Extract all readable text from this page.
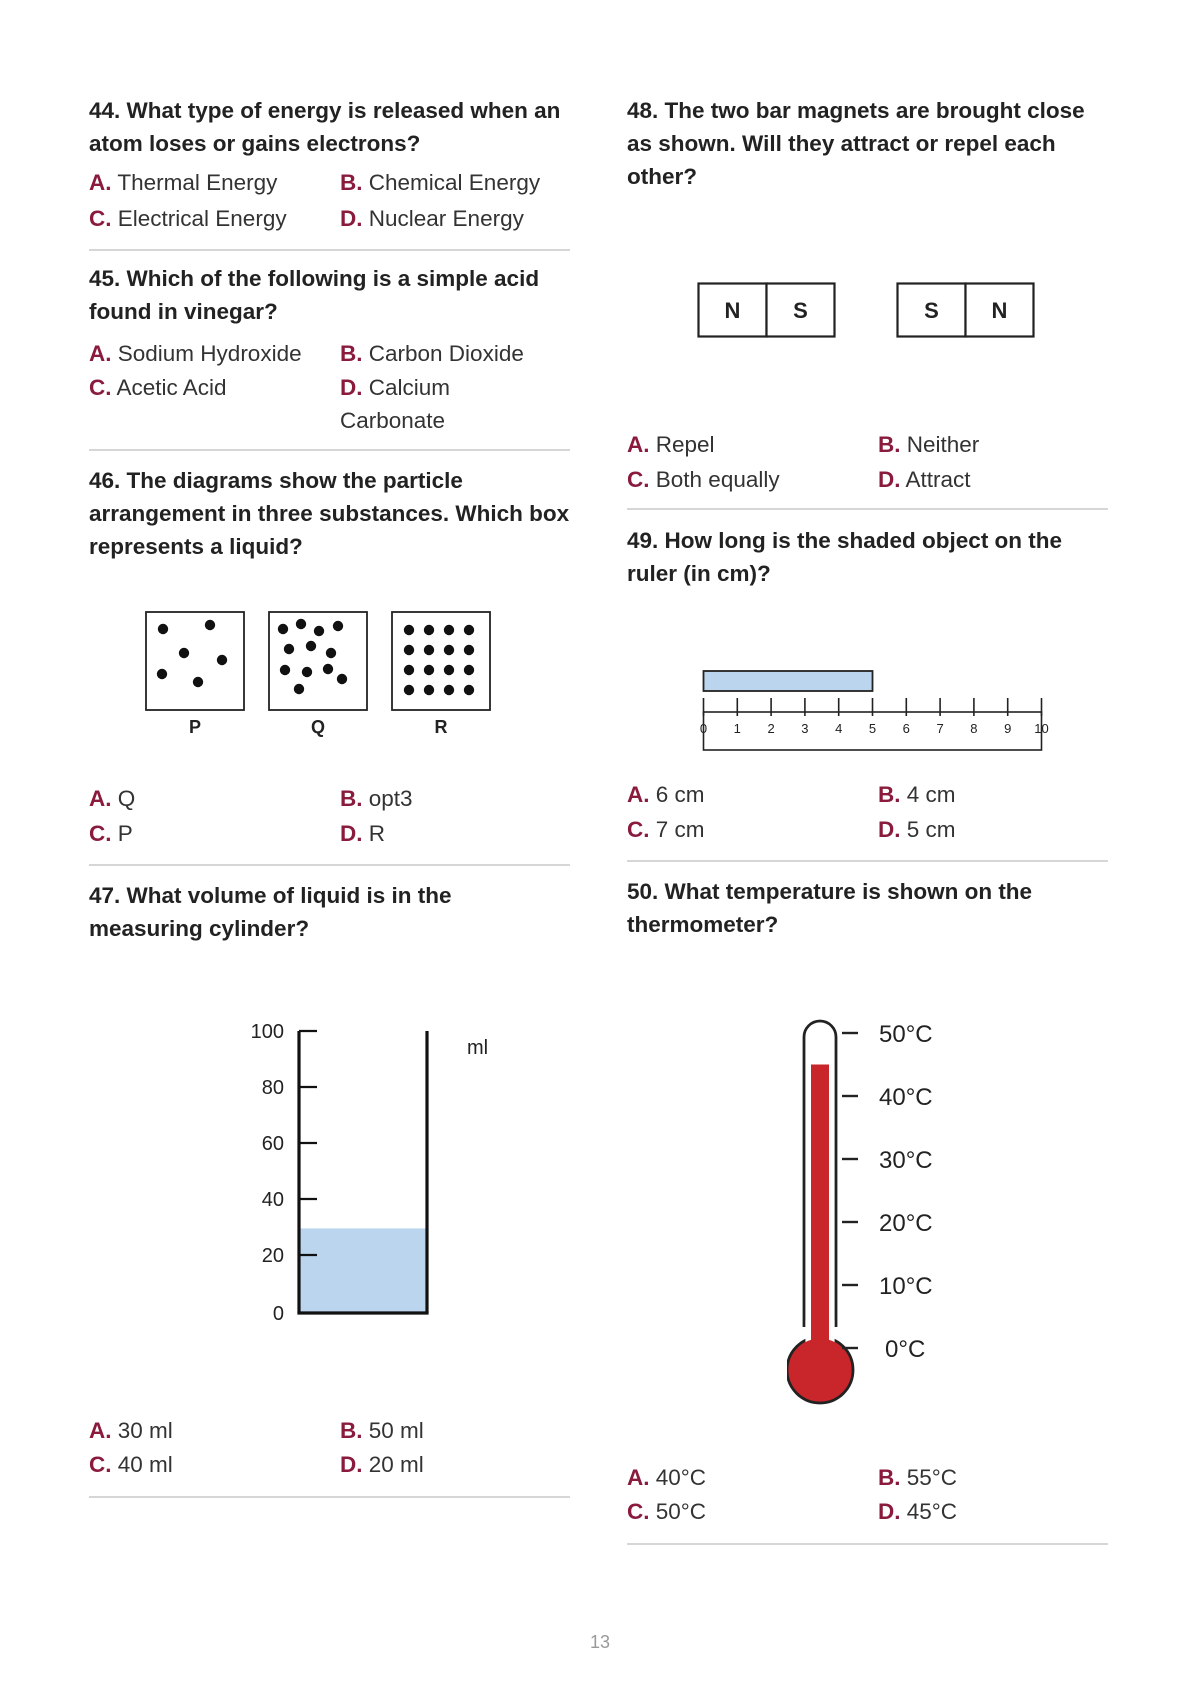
44. What type of energy is released when an atom loses or gains electrons?

A. Thermal Energy	B. Chemical Energy
C. Electrical Energy D. Nuclear Energy

45. Which of the following is a simple acid found in vinegar?

A. Sodium Hydroxide B. Carbon Dioxide
C. Acetic Acid	D. Calcium Carbonate

46. The diagrams show the particle arrangement in three substances. Which box represents a liquid?

P	Q	R
A. Q	B. opt3
C. P	D. R

47. What volume of liquid is in the measuring cylinder?

100
80
60
40
20
0
ml
A. 30 ml	B. 50 ml
C. 40 ml	D. 20 ml

48. The two bar magnets are brought close as shown. Will they attract or repel each other?

N S	S N
A. Repel	B. Neither
C. Both equally	D. Attract

49. How long is the shaded object on the ruler (in cm)?

0 1 2 3 4 5 6 7 8 9 10
A. 6 cm	B. 4 cm
C. 7 cm	D. 5 cm

50. What temperature is shown on the thermometer?

50°C
40°C
30°C
20°C
10°C
0°C
A. 40°C	B. 55°C
C. 50°C	D. 45°C
13
